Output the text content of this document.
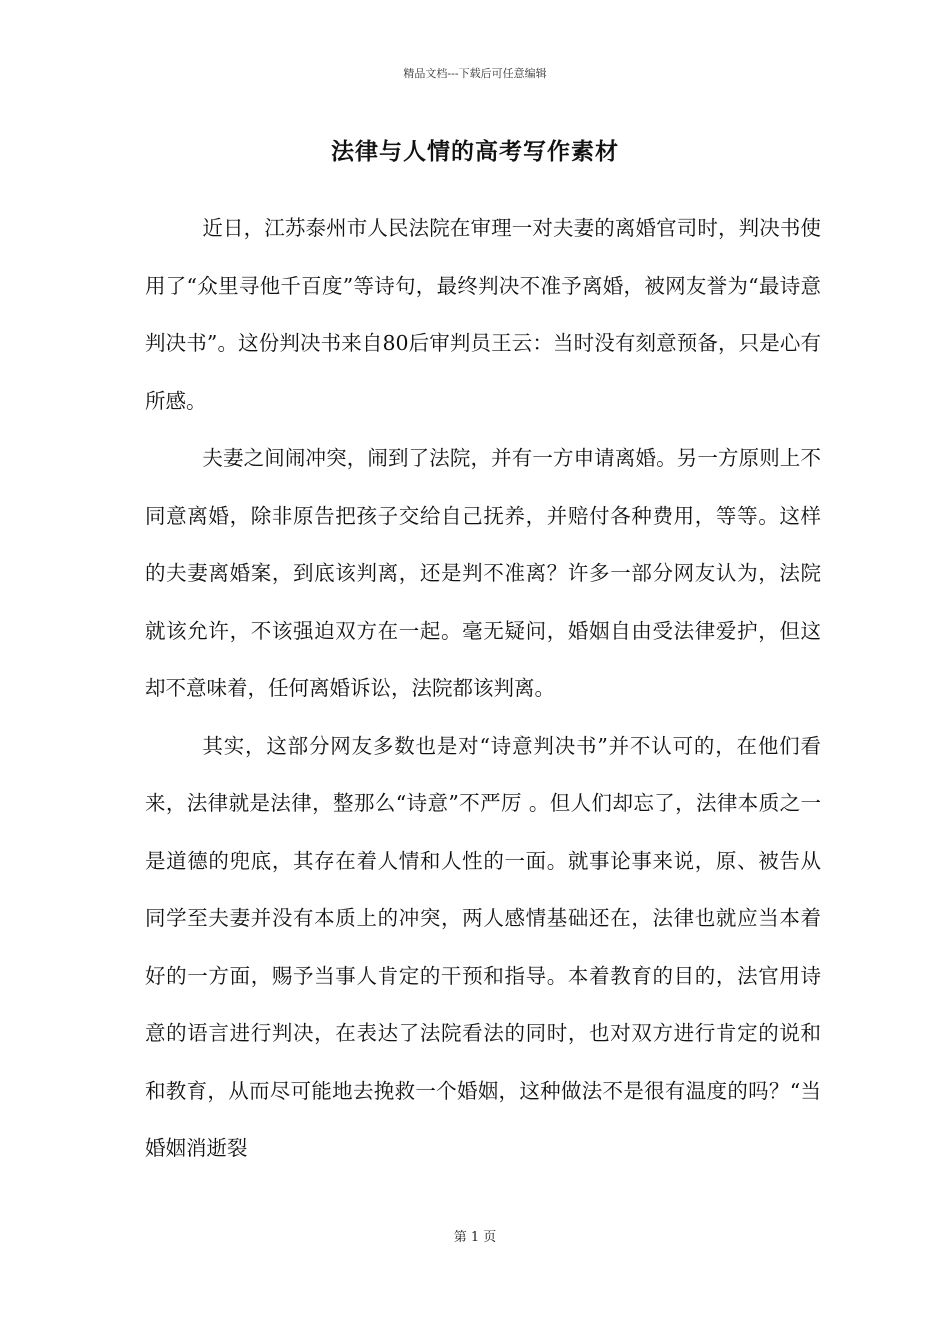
精品文档---下载后可任意编辑
法律与人情的高考写作素材

近日，江苏泰州市人民法院在审理一对夫妻的离婚官司时，判决书使用了“众里寻他千百度”等诗句，最终判决不准予离婚，被网友誉为“最诗意判决书”。这份判决书来自80后审判员王云：当时没有刻意预备，只是心有所感。

夫妻之间闹冲突，闹到了法院，并有一方申请离婚。另一方原则上不同意离婚，除非原告把孩子交给自己抚养，并赔付各种费用，等等。这样的夫妻离婚案，到底该判离，还是判不准离？许多一部分网友认为，法院就该允许，不该强迫双方在一起。毫无疑问，婚姻自由受法律爱护，但这却不意味着，任何离婚诉讼，法院都该判离。

其实，这部分网友多数也是对“诗意判决书”并不认可的，在他们看来，法律就是法律，整那么“诗意”不严厉 。但人们却忘了，法律本质之一是道德的兜底，其存在着人情和人性的一面。就事论事来说，原、被告从同学至夫妻并没有本质上的冲突，两人感情基础还在，法律也就应当本着好的一方面，赐予当事人肯定的干预和指导。本着教育的目的，法官用诗意的语言进行判决，在表达了法院看法的同时，也对双方进行肯定的说和和教育，从而尽可能地去挽救一个婚姻，这种做法不是很有温度的吗？“当婚姻消逝裂

第 1 页
